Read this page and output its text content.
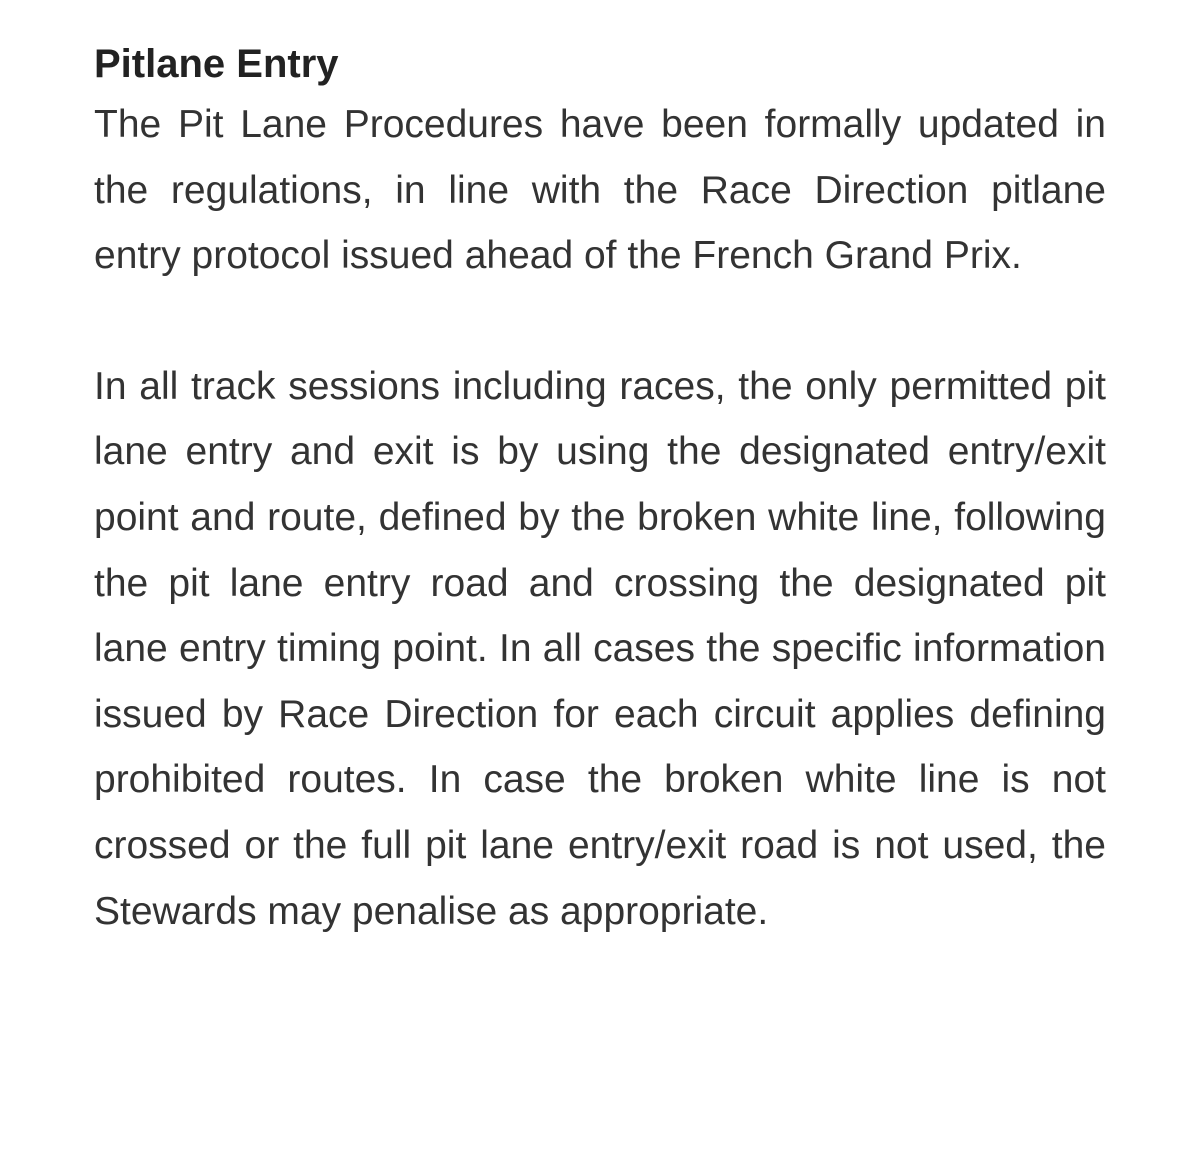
Pitlane Entry

The Pit Lane Procedures have been formally updated in the regulations, in line with the Race Direction pitlane entry protocol issued ahead of the French Grand Prix.

In all track sessions including races, the only permitted pit lane entry and exit is by using the designated entry/exit point and route, defined by the broken white line, following the pit lane entry road and crossing the designated pit lane entry timing point. In all cases the specific information issued by Race Direction for each circuit applies defining prohibited routes. In case the broken white line is not crossed or the full pit lane entry/exit road is not used, the Stewards may penalise as appropriate.
